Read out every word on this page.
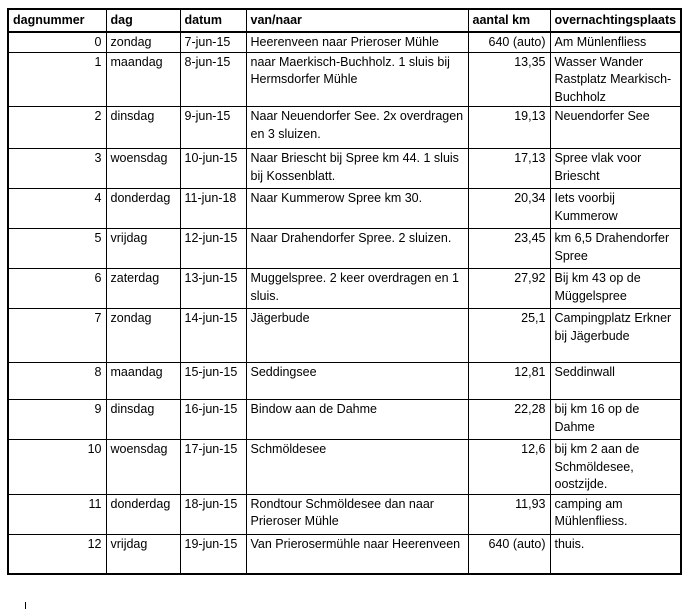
dagnummer	dag	datum	van/naar	aantal km	overnachtingsplaats
0	zondag	7-jun-15	Heerenveen naar Prieroser Mühle	640 (auto)	Am Münlenfliess
1	maandag	8-jun-15	naar Maerkisch-Buchholz. 1 sluis bij Hermsdorfer Mühle	13,35	Wasser Wander Rastplatz Mearkisch-Buchholz
2	dinsdag	9-jun-15	Naar Neuendorfer See. 2x overdragen en 3 sluizen.	19,13	Neuendorfer See
3	woensdag	10-jun-15	Naar Briescht bij Spree km 44. 1 sluis bij Kossenblatt.	17,13	Spree vlak voor Briescht
4	donderdag	11-jun-18	Naar Kummerow Spree km 30.	20,34	Iets voorbij Kummerow
5	vrijdag	12-jun-15	Naar Drahendorfer Spree. 2 sluizen.	23,45	km 6,5 Drahendorfer Spree
6	zaterdag	13-jun-15	Muggelspree. 2 keer overdragen en 1 sluis.	27,92	Bij km 43 op de Müggelspree
7	zondag	14-jun-15	Jägerbude	25,1	Campingplatz Erkner bij Jägerbude
8	maandag	15-jun-15	Seddingsee	12,81	Seddinwall
9	dinsdag	16-jun-15	Bindow aan de Dahme	22,28	bij km 16 op de Dahme
10	woensdag	17-jun-15	Schmöldesee	12,6	bij km 2 aan de Schmöldesee, oostzijde.
11	donderdag	18-jun-15	Rondtour Schmöldesee dan naar Prieroser Mühle	11,93	camping am Mühlenfliess.
12	vrijdag	19-jun-15	Van Prierosermühle naar Heerenveen	640 (auto)	thuis.
